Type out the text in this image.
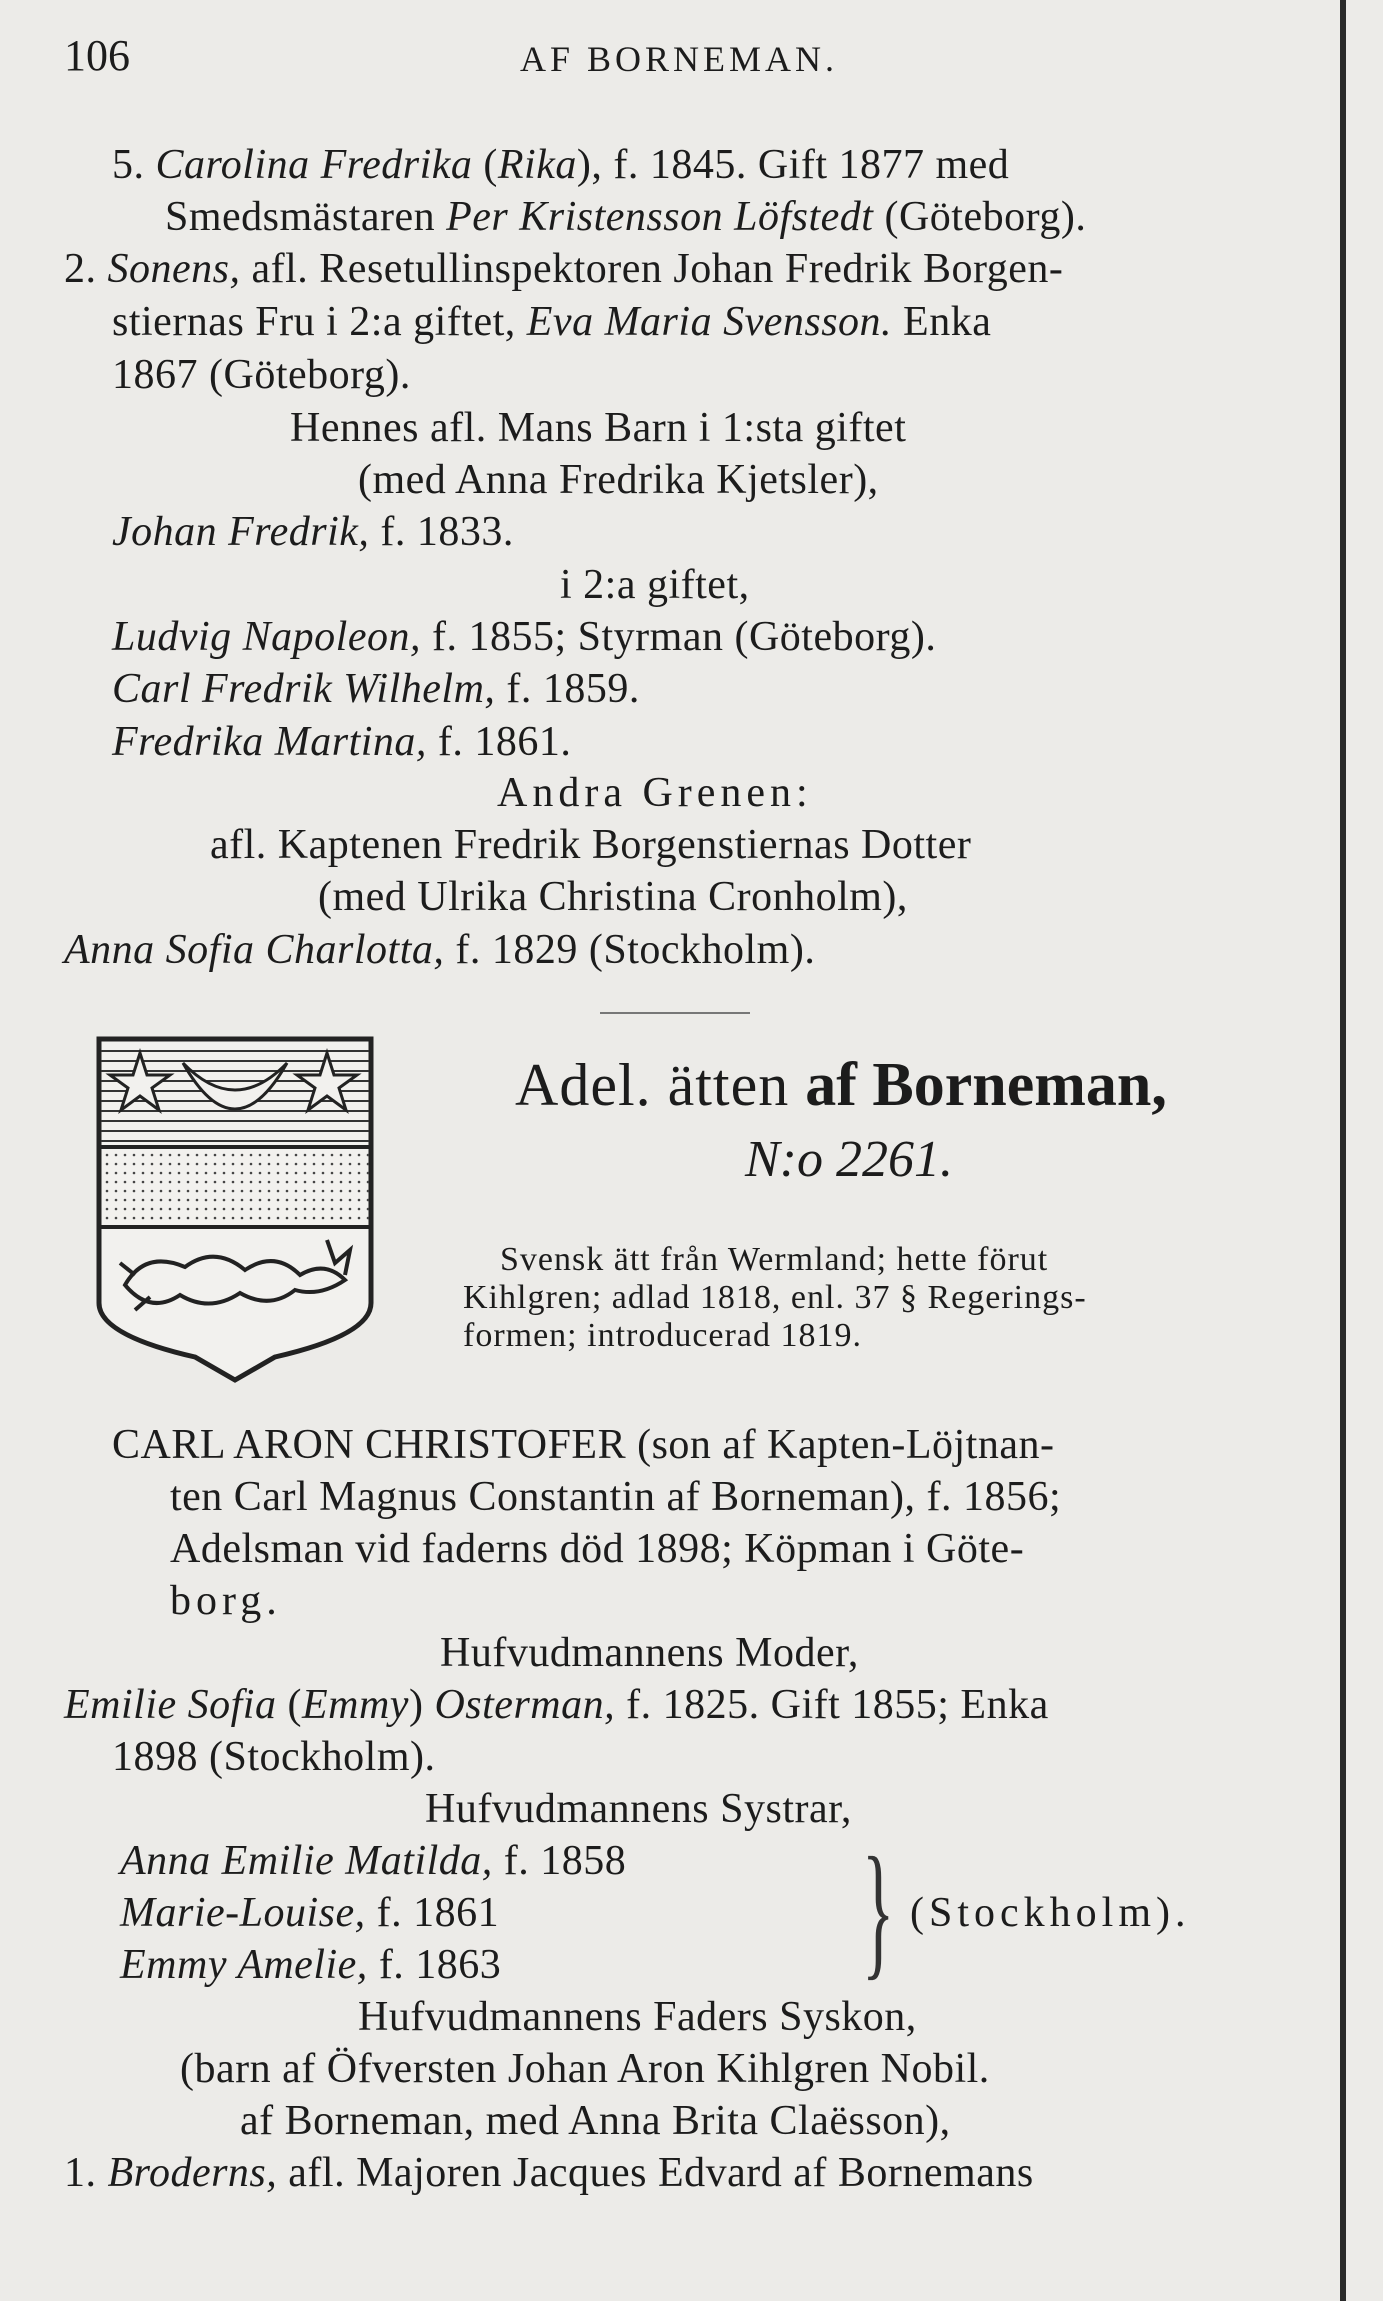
106	AF BORNEMAN.
5. Carolina Fredrika (Rika), f. 1845. Gift 1877 med
Smedsmästaren Per Kristensson Löfstedt (Göteborg).
2. Sonens, afl. Resetullinspektoren Johan Fredrik Borgen-
stiernas Fru i 2:a giftet, Eva Maria Svensson. Enka
1867 (Göteborg).
Hennes afl. Mans Barn i 1:sta giftet
(med Anna Fredrika Kjetsler),
Johan Fredrik, f. 1833.
i 2:a giftet,
Ludvig Napoleon, f. 1855; Styrman (Göteborg).
Carl Fredrik Wilhelm, f. 1859.
Fredrika Martina, f. 1861.
Andra Grenen:
afl. Kaptenen Fredrik Borgenstiernas Dotter
(med Ulrika Christina Cronholm),
Anna Sofia Charlotta, f. 1829 (Stockholm).
Adel. ätten af Borneman,
N:o 2261.
Svensk ätt från Wermland; hette förut
Kihlgren; adlad 1818, enl. 37 § Regerings-
formen; introducerad 1819.
CARL ARON CHRISTOFER (son af Kapten-Löjtnan-
ten Carl Magnus Constantin af Borneman), f. 1856;
Adelsman vid faderns död 1898; Köpman i Göte-
borg.
Hufvudmannens Moder,
Emilie Sofia (Emmy) Osterman, f. 1825. Gift 1855; Enka
1898 (Stockholm).
Hufvudmannens Systrar,
Anna Emilie Matilda, f. 1858
Marie-Louise, f. 1861
Emmy Amelie, f. 1863 } (Stockholm).
Hufvudmannens Faders Syskon,
(barn af Öfversten Johan Aron Kihlgren Nobil.
af Borneman, med Anna Brita Claësson),
1. Broderns, afl. Majoren Jacques Edvard af Bornemans
